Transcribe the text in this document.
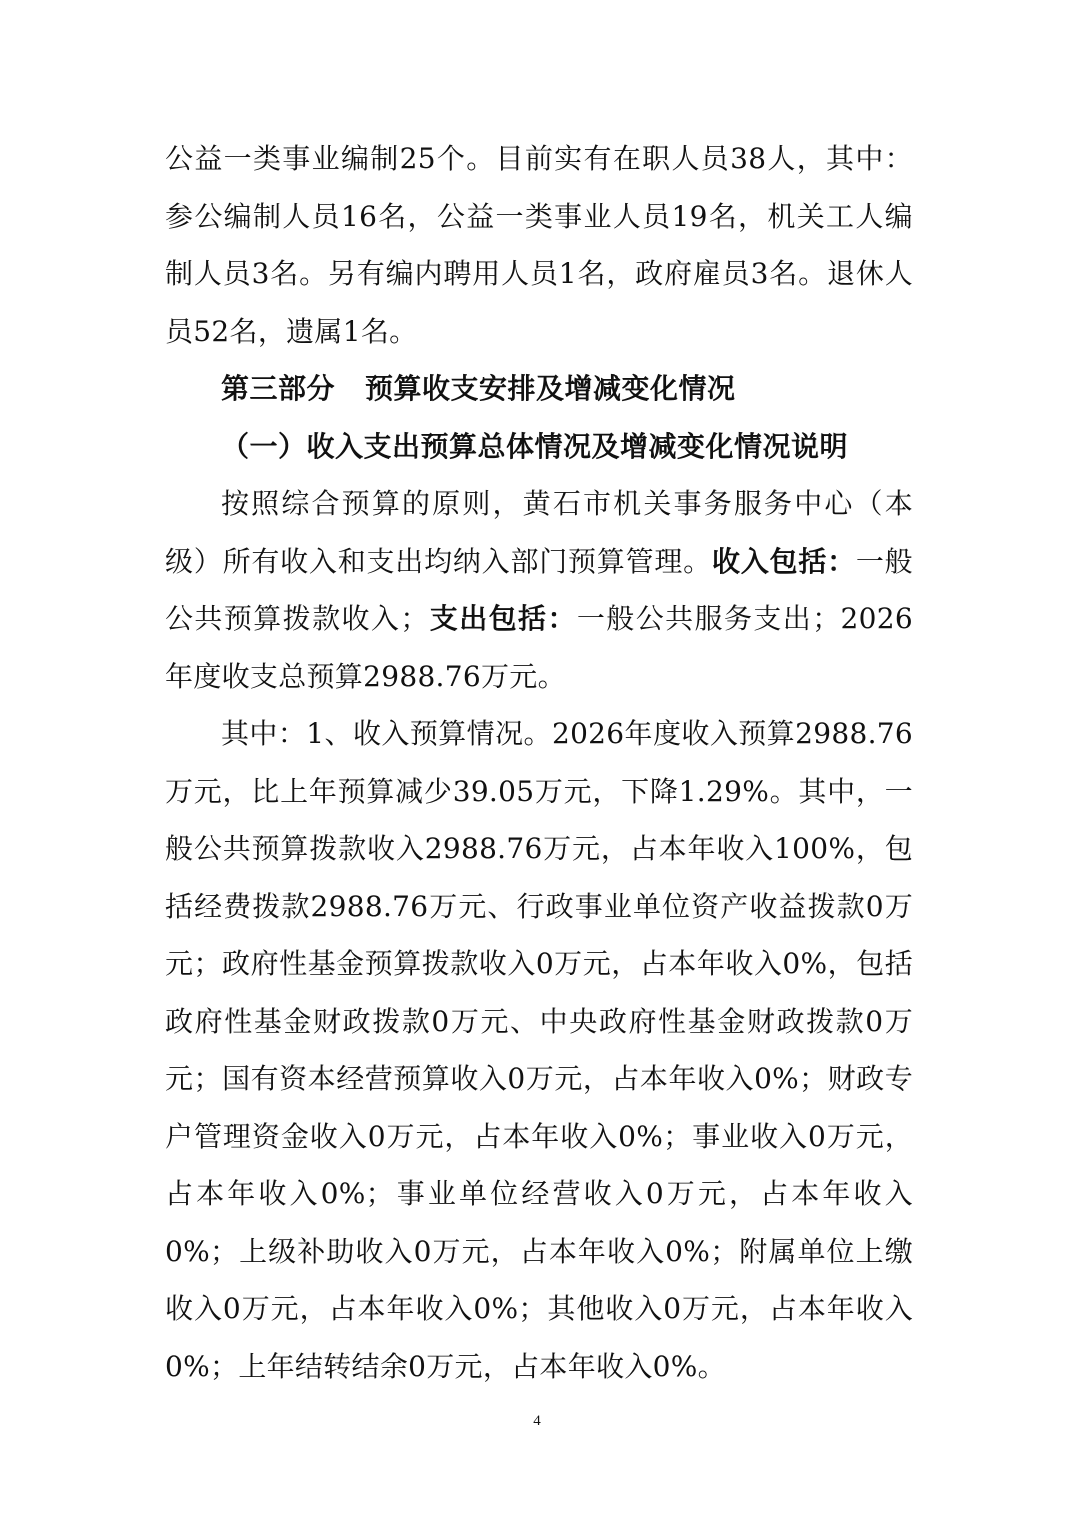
公益一类事业编制25个。目前实有在职人员38人，其中：参公编制人员16名，公益一类事业人员19名，机关工人编制人员3名。另有编内聘用人员1名，政府雇员3名。退休人员52名，遗属1名。

第三部分 预算收支安排及增减变化情况

（一）收入支出预算总体情况及增减变化情况说明

按照综合预算的原则，黄石市机关事务服务中心（本级）所有收入和支出均纳入部门预算管理。收入包括：一般公共预算拨款收入；支出包括：一般公共服务支出；2026年度收支总预算2988.76万元。

其中：1、收入预算情况。2026年度收入预算2988.76万元，比上年预算减少39.05万元，下降1.29%。其中，一般公共预算拨款收入2988.76万元，占本年收入100%，包括经费拨款2988.76万元、行政事业单位资产收益拨款0万元；政府性基金预算拨款收入0万元，占本年收入0%，包括政府性基金财政拨款0万元、中央政府性基金财政拨款0万元；国有资本经营预算收入0万元，占本年收入0%；财政专户管理资金收入0万元，占本年收入0%；事业收入0万元，占本年收入0%；事业单位经营收入0万元，占本年收入0%；上级补助收入0万元，占本年收入0%；附属单位上缴收入0万元，占本年收入0%；其他收入0万元，占本年收入0%；上年结转结余0万元，占本年收入0%。

4
